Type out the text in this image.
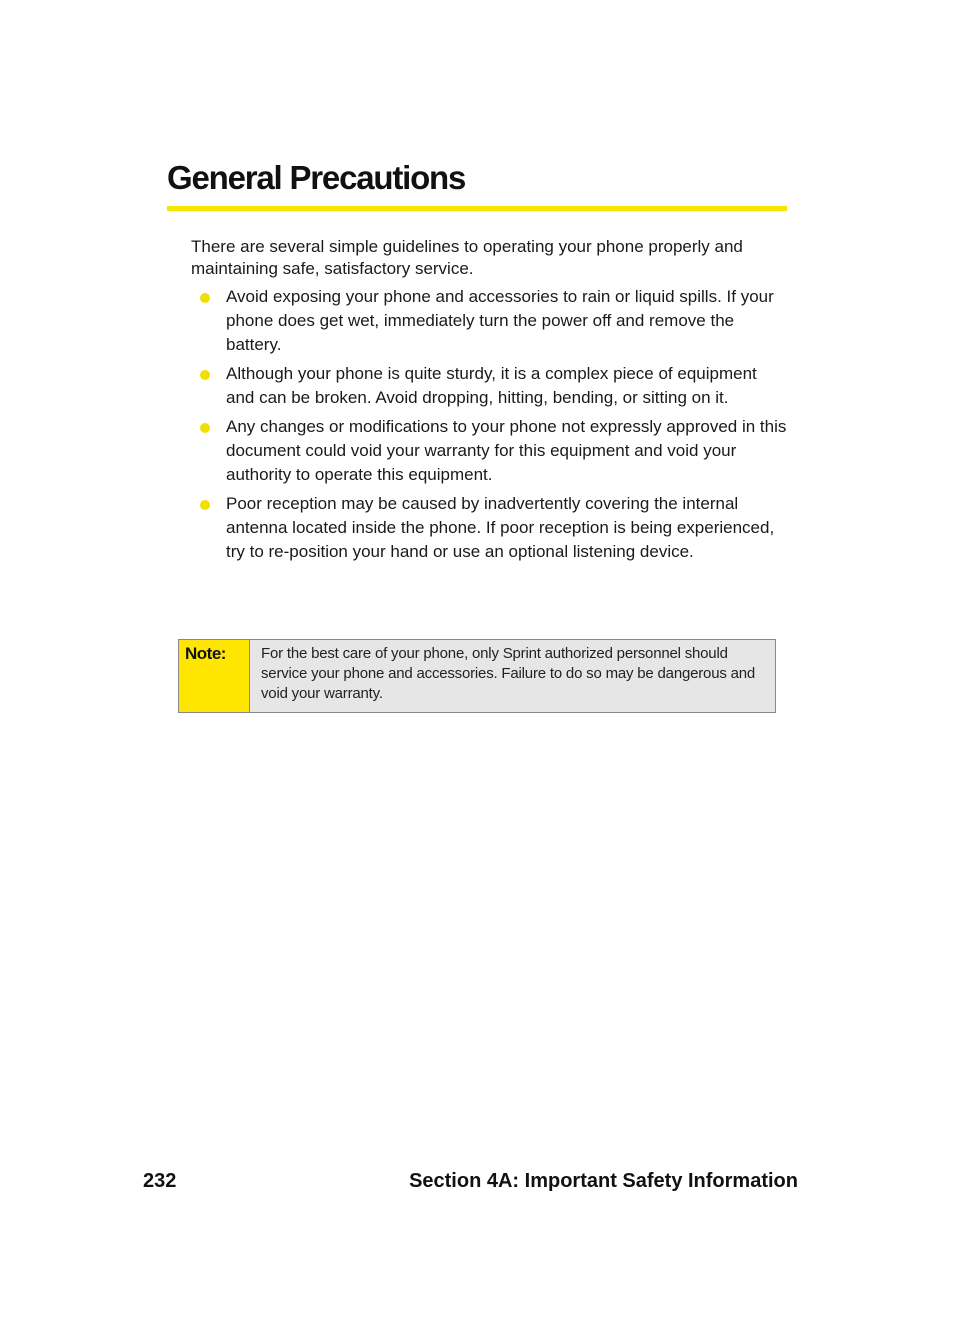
General Precautions

There are several simple guidelines to operating your phone properly and maintaining safe, satisfactory service.

Avoid exposing your phone and accessories to rain or liquid spills. If your phone does get wet, immediately turn the power off and remove the battery.
Although your phone is quite sturdy, it is a complex piece of equipment and can be broken. Avoid dropping, hitting, bending, or sitting on it.
Any changes or modifications to your phone not expressly approved in this document could void your warranty for this equipment and void your authority to operate this equipment.
Poor reception may be caused by inadvertently covering the internal antenna located inside the phone. If poor reception is being experienced, try to re-position your hand or use an optional listening device.
Note:	For the best care of your phone, only Sprint authorized personnel should service your phone and accessories. Failure to do so may be dangerous and void your warranty.
232	Section 4A: Important Safety Information
